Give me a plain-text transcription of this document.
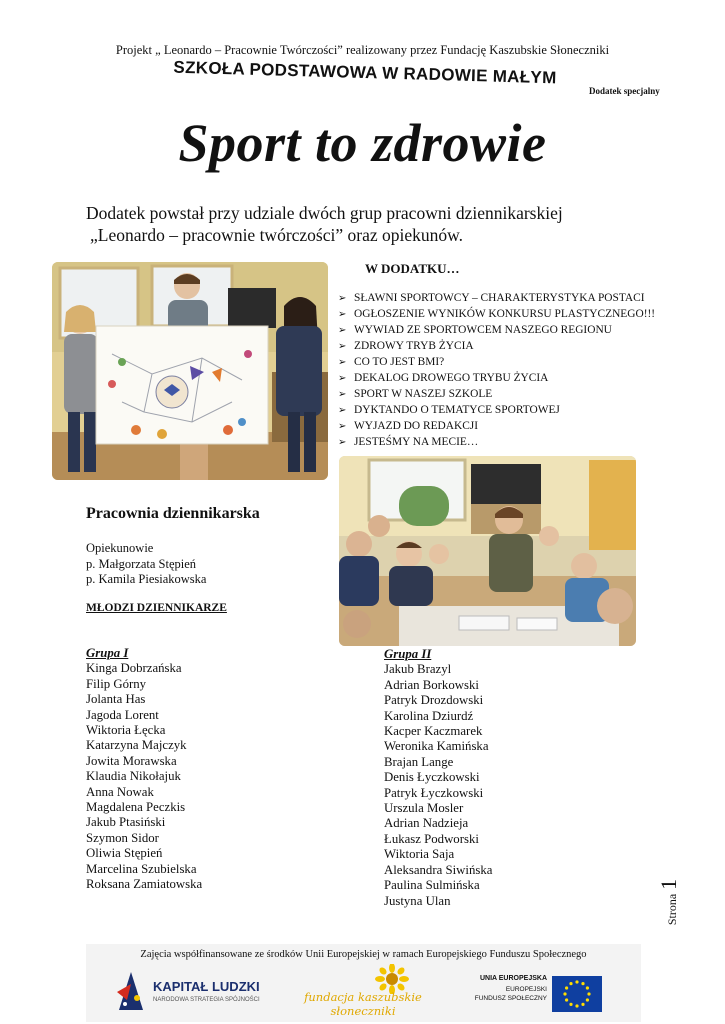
Projekt „ Leonardo – Pracownie Twórczości” realizowany przez Fundację Kaszubskie Słoneczniki
SZKOŁA PODSTAWOWA W RADOWIE MAŁYM
Dodatek specjalny
Sport to zdrowie
Dodatek powstał przy udziale dwóch grup pracowni dziennikarskiej
„Leonardo – pracownie twórczości” oraz opiekunów.
W DODATKU…
➢ SŁAWNI SPORTOWCY – CHARAKTERYSTYKA POSTACI
➢ OGŁOSZENIE WYNIKÓW KONKURSU PLASTYCZNEGO!!!
➢ WYWIAD ZE SPORTOWCEM NASZEGO REGIONU
➢ ZDROWY TRYB ŻYCIA
➢ CO TO JEST BMI?
➢ DEKALOG DROWEGO TRYBU ŻYCIA
➢ SPORT W NASZEJ SZKOLE
➢ DYKTANDO O TEMATYCE SPORTOWEJ
➢ WYJAZD DO REDAKCJI
➢ JESTEŚMY NA MECIE…
Pracownia dziennikarska
Opiekunowie
p. Małgorzata Stępień
p. Kamila Piesiakowska
MŁODZI DZIENNIKARZE
Grupa I
Kinga Dobrzańska
Filip Górny
Jolanta Has
Jagoda Lorent
Wiktoria Łęcka
Katarzyna Majczyk
Jowita Morawska
Klaudia Nikołajuk
Anna Nowak
Magdalena Peczkis
Jakub Ptasiński
Szymon Sidor
Oliwia Stępień
Marcelina Szubielska
Roksana Zamiatowska
Grupa II
Jakub Brazyl
Adrian Borkowski
Patryk Drozdowski
Karolina Dziurdź
Kacper Kaczmarek
Weronika Kamińska
Brajan Lange
Denis Łyczkowski
Patryk Łyczkowski
Urszula Mosler
Adrian Nadzieja
Łukasz Podworski
Wiktoria Saja
Aleksandra Siwińska
Paulina Sulmińska
Justyna Ulan	Strona
1
Zajęcia współfinansowane ze środków Unii Europejskiej w ramach Europejskiego Funduszu Społecznego
KAPITAŁ LUDZKI
NARODOWA STRATEGIA SPÓJNOŚCI	fundacja kaszubskie słoneczniki
UNIA EUROPEJSKA
EUROPEJSKI
FUNDUSZ SPOŁECZNY
